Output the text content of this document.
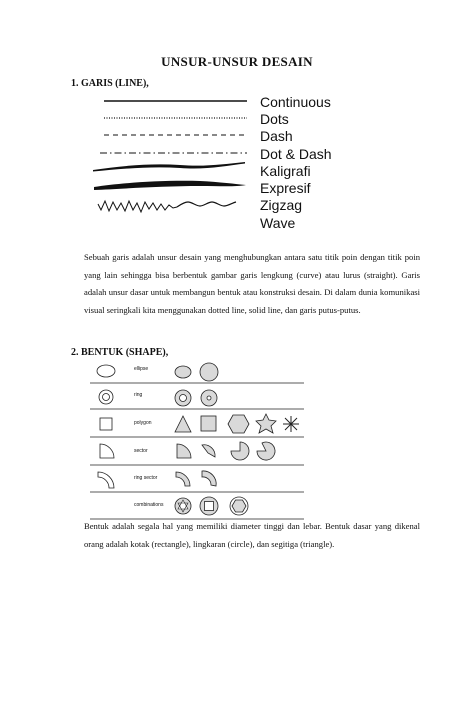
UNSUR-UNSUR DESAIN
1. GARIS (LINE),
Continuous
Dots
Dash
Dot & Dash
Kaligrafi
Expresif
Zigzag
Wave
Sebuah garis adalah unsur desain yang menghubungkan antara satu titik poin dengan titik poin yang lain sehingga bisa berbentuk gambar garis lengkung (curve) atau lurus (straight). Garis adalah unsur dasar untuk membangun bentuk atau konstruksi desain. Di dalam dunia komunikasi visual seringkali kita menggunakan dotted line, solid line, dan garis putus-putus.
2. BENTUK (SHAPE),
ellipse
ring
polygon
sector
ring sector
combinations
Bentuk adalah segala hal yang memiliki diameter tinggi dan lebar. Bentuk dasar yang dikenal orang adalah kotak (rectangle), lingkaran (circle), dan segitiga (triangle).
